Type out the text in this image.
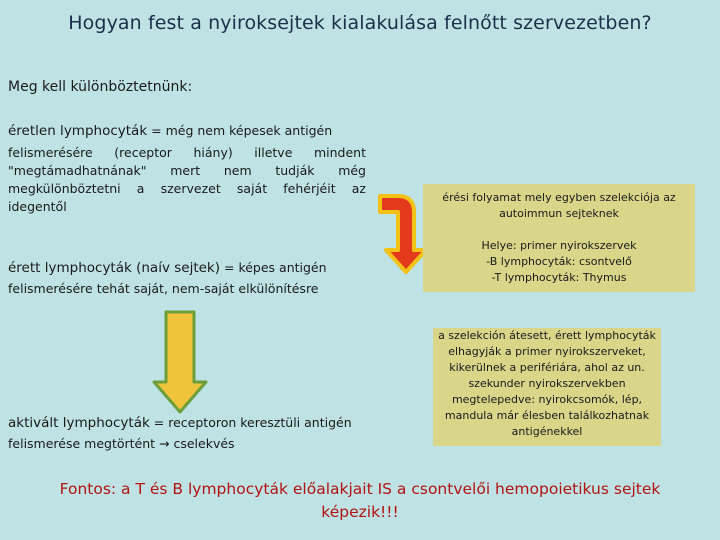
Hogyan fest a nyiroksejtek kialakulása felnőtt szervezetben?
Meg kell különböztetnünk:
éretlen lymphocyták = még nem képesek antigén
felismerésére (receptor hiány) illetve mindent "megtámadhatnának" mert nem tudják még megkülönböztetni a szervezet saját fehérjéit az idegentől
érett lymphocyták (naív sejtek) = képes antigén
felismerésére tehát saját, nem-saját elkülönítésre
aktivált lymphocyták = receptoron keresztüli antigén
felismerése megtörtént → cselekvés
érési folyamat mely egyben szelekciója az autoimmun sejteknek
Helye: primer nyirokszervek
-B lymphocyták: csontvelő
-T lymphocyták: Thymus
a szelekción átesett, érett lymphocyták elhagyják a primer nyirokszerveket, kikerülnek a perifériára, ahol az un. szekunder nyirokszervekben megtelepedve: nyirokcsomók, lép, mandula már élesben találkozhatnak antigénekkel
Fontos: a T és B lymphocyták előalakjait IS a csontvelői hemopoietikus sejtek képezik!!!
